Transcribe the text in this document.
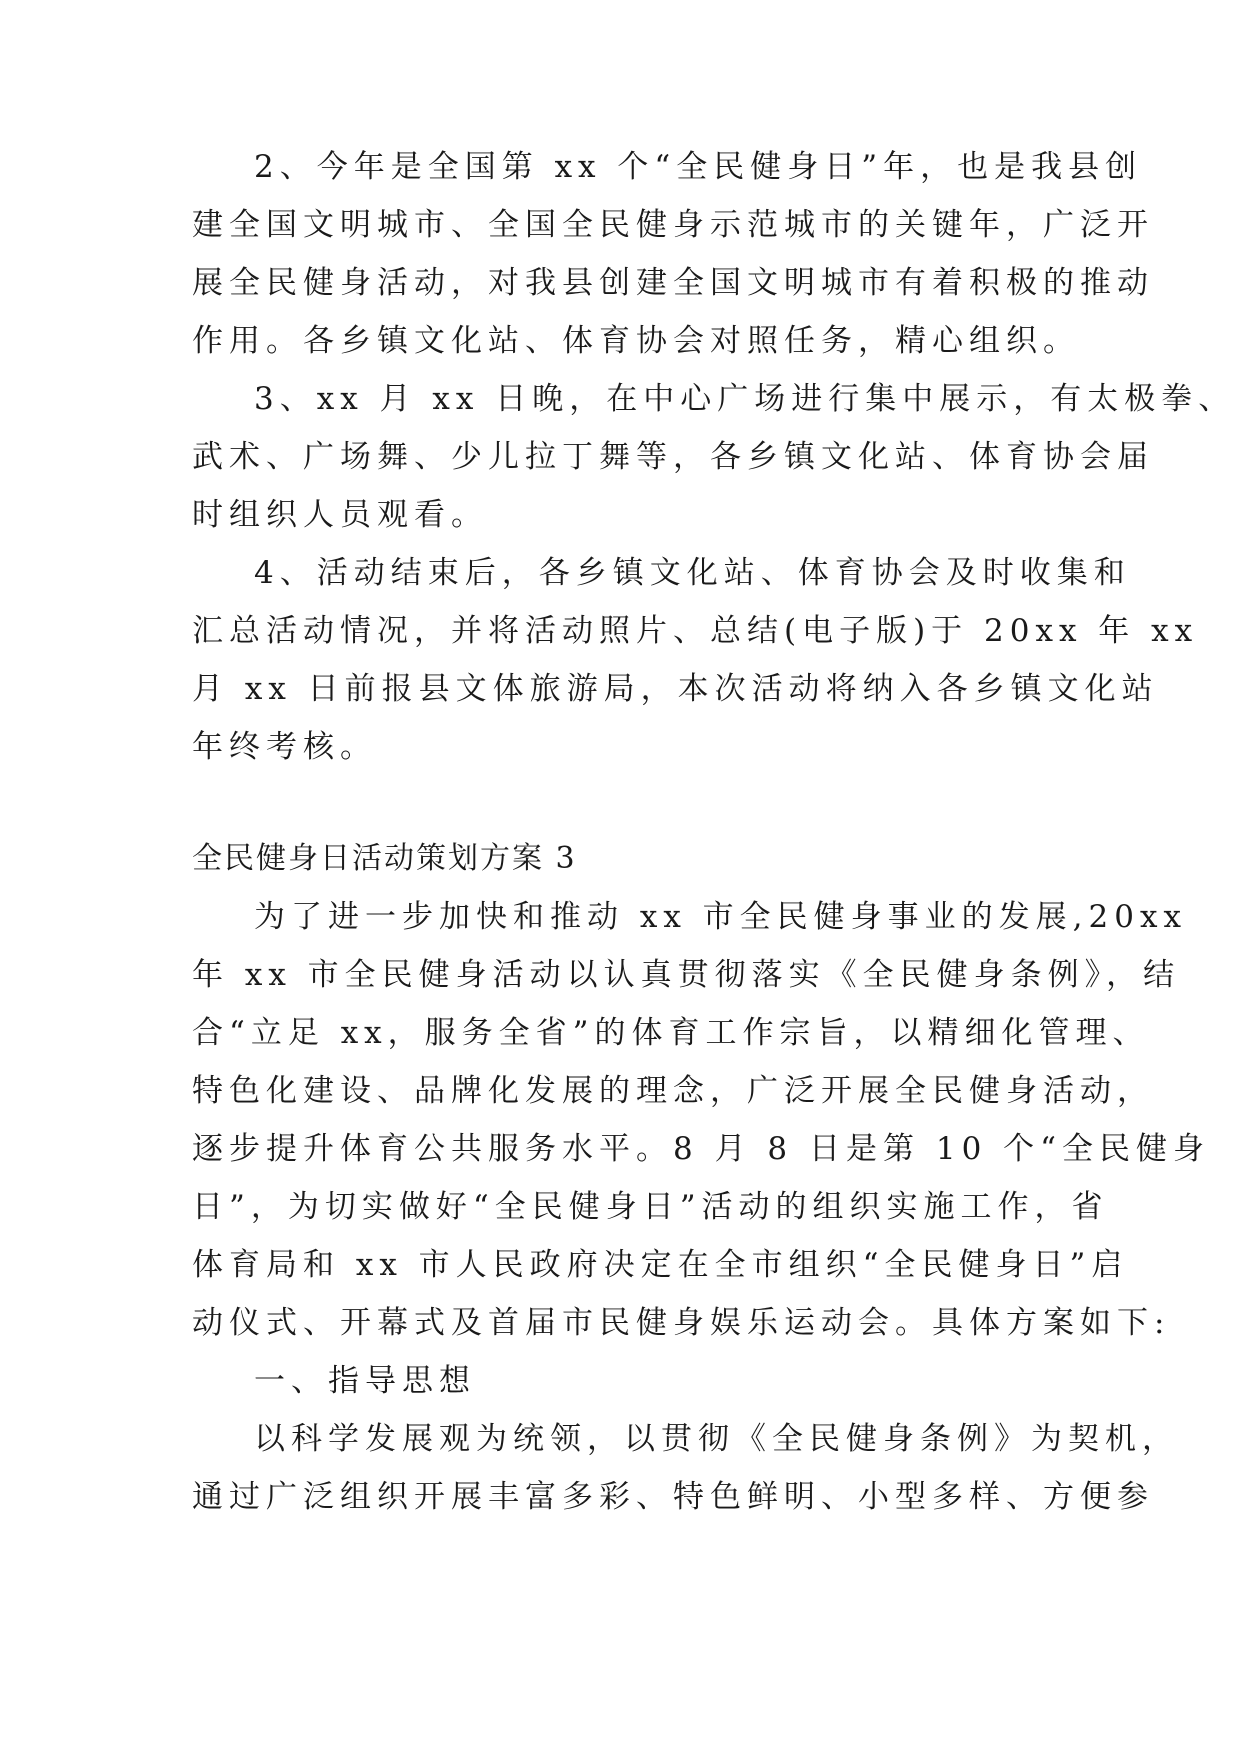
2、今年是全国第 xx 个“全民健身日”年，也是我县创
建全国文明城市、全国全民健身示范城市的关键年，广泛开
展全民健身活动，对我县创建全国文明城市有着积极的推动
作用。各乡镇文化站、体育协会对照任务，精心组织。
3、xx 月 xx 日晚，在中心广场进行集中展示，有太极拳、
武术、广场舞、少儿拉丁舞等，各乡镇文化站、体育协会届
时组织人员观看。
4、活动结束后，各乡镇文化站、体育协会及时收集和
汇总活动情况，并将活动照片、总结(电子版)于 20xx 年 xx
月 xx 日前报县文体旅游局，本次活动将纳入各乡镇文化站
年终考核。
全民健身日活动策划方案 3
为了进一步加快和推动 xx 市全民健身事业的发展,20xx
年 xx 市全民健身活动以认真贯彻落实《全民健身条例》，结
合“立足 xx，服务全省”的体育工作宗旨，以精细化管理、
特色化建设、品牌化发展的理念，广泛开展全民健身活动，
逐步提升体育公共服务水平。8 月 8 日是第 10 个“全民健身
日”，为切实做好“全民健身日”活动的组织实施工作，省
体育局和 xx 市人民政府决定在全市组织“全民健身日”启
动仪式、开幕式及首届市民健身娱乐运动会。具体方案如下:
一、指导思想
以科学发展观为统领，以贯彻《全民健身条例》为契机，
通过广泛组织开展丰富多彩、特色鲜明、小型多样、方便参
